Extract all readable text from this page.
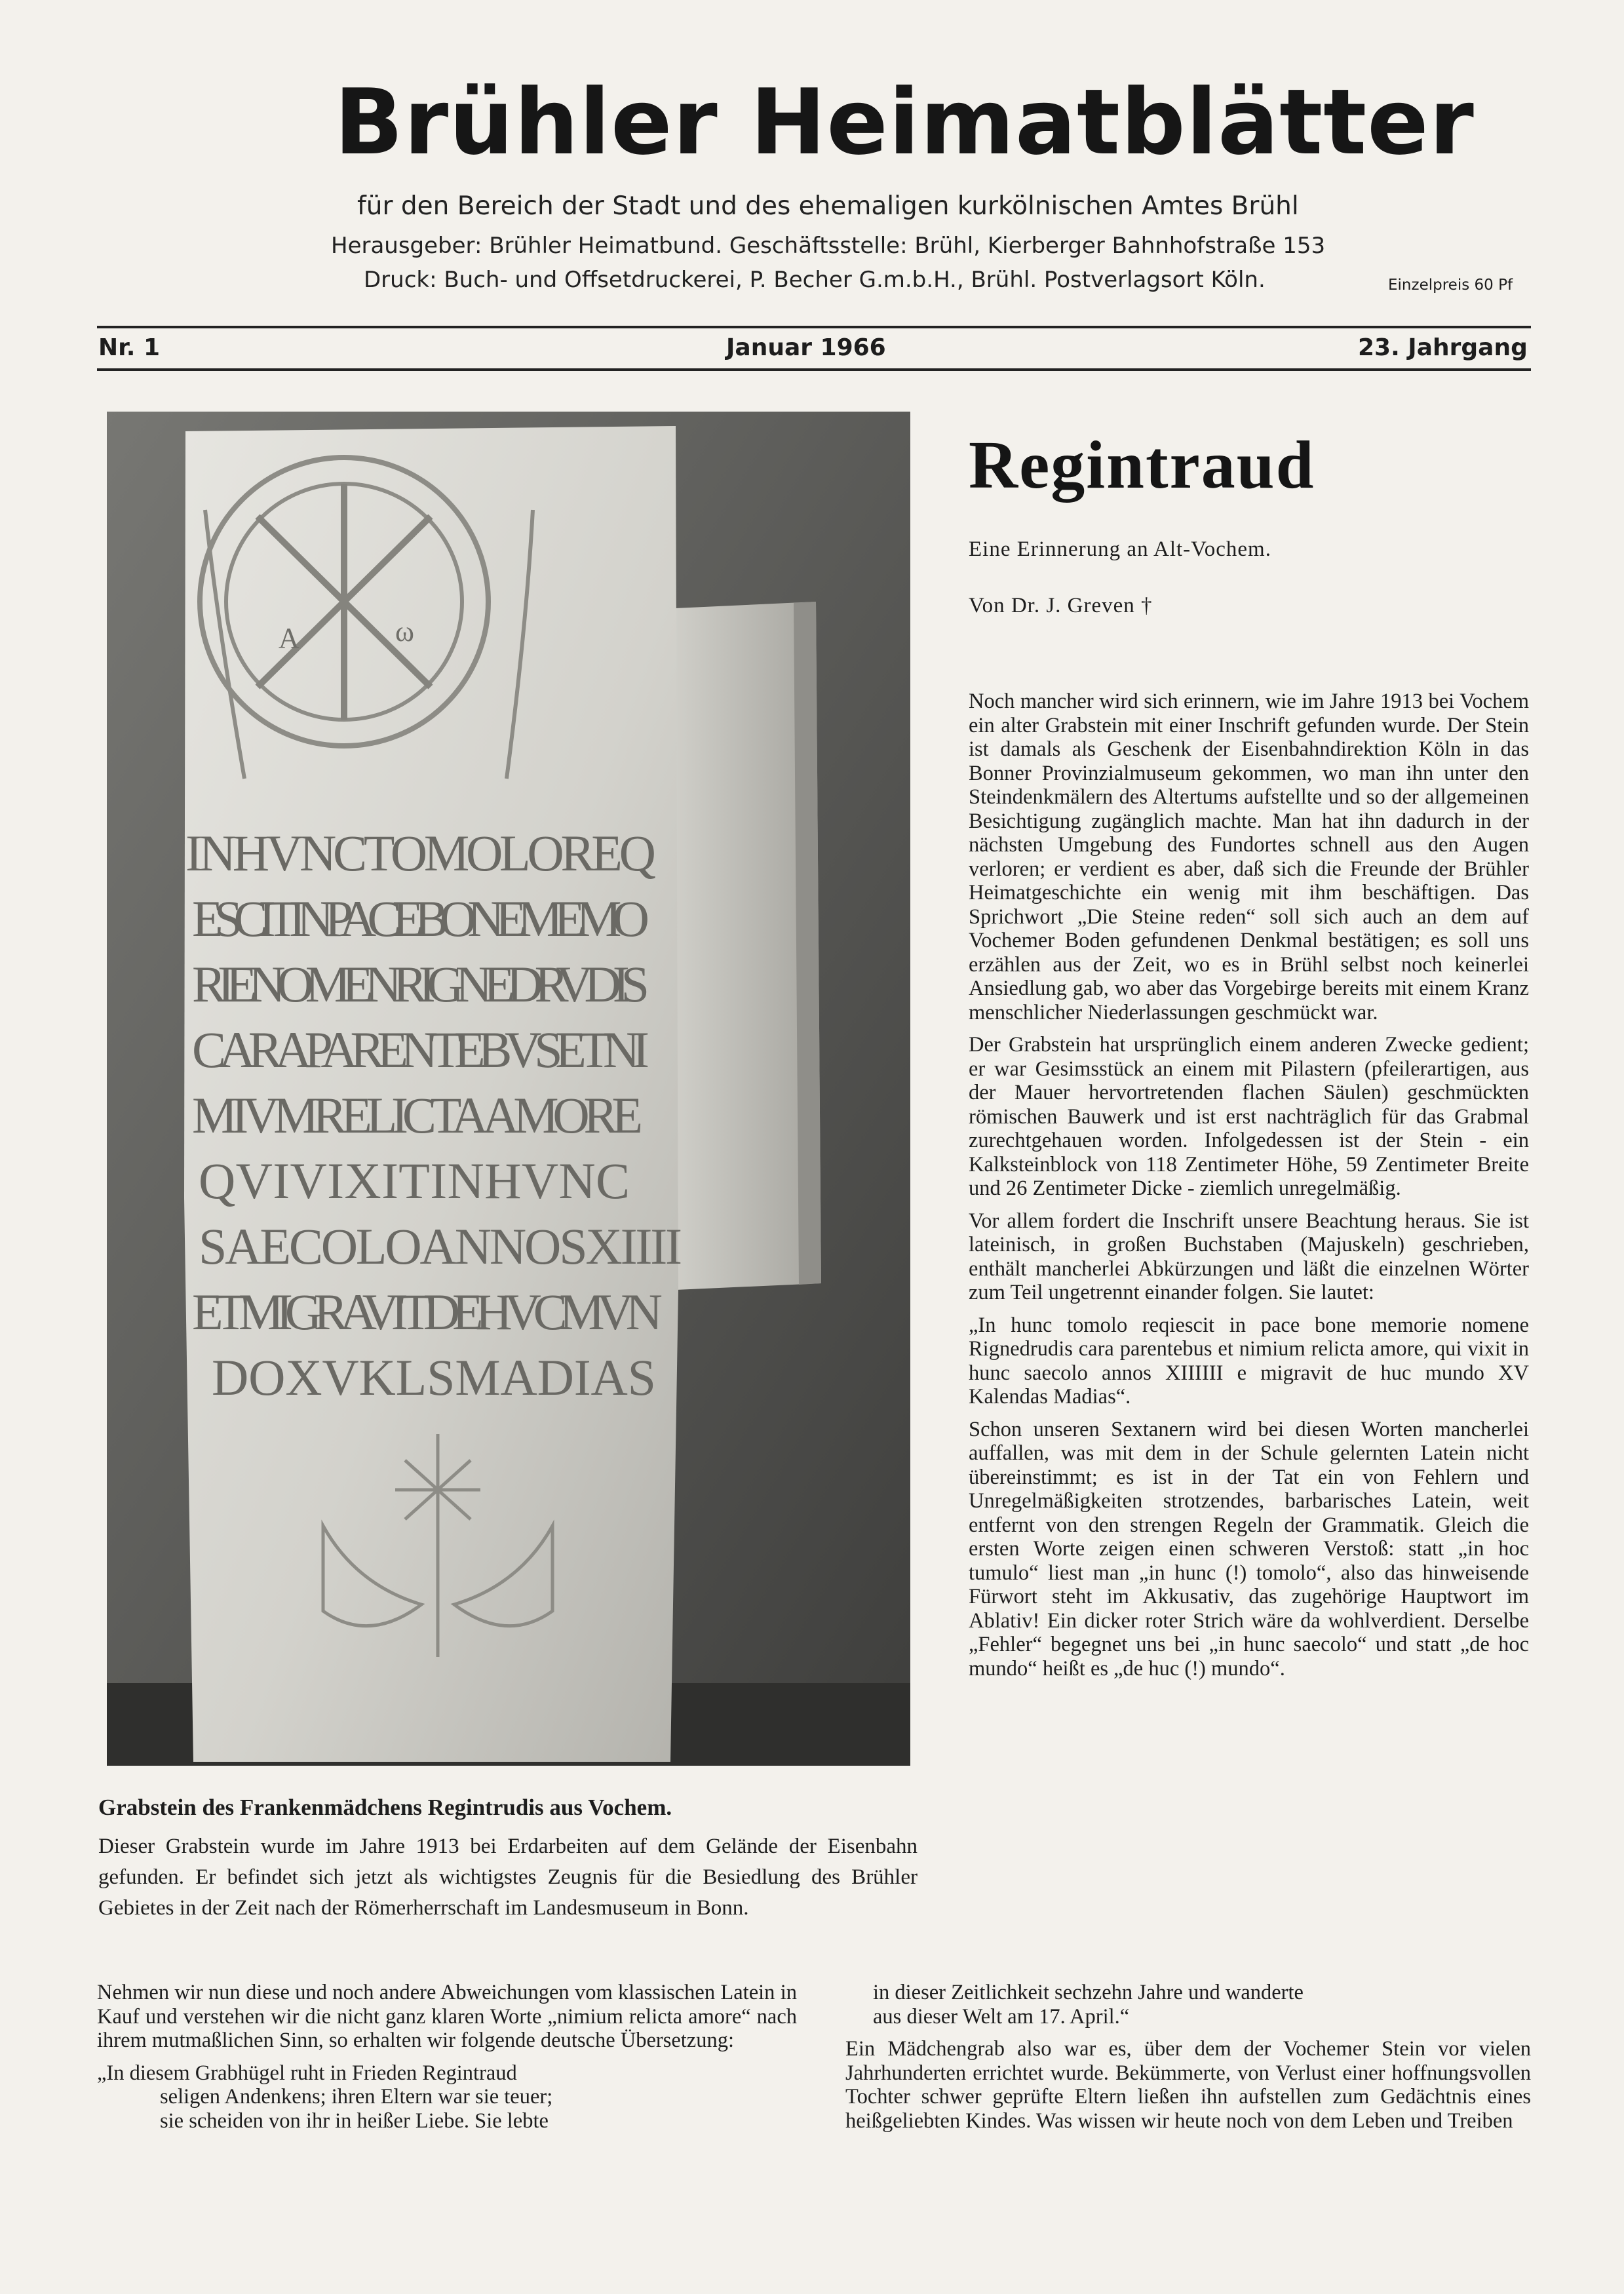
Brühler Heimatblätter
für den Bereich der Stadt und des ehemaligen kurkölnischen Amtes Brühl
Herausgeber: Brühler Heimatbund. Geschäftsstelle: Brühl, Kierberger Bahnhofstraße 153
Druck: Buch- und Offsetdruckerei, P. Becher G.m.b.H., Brühl. Postverlagsort Köln.	Einzelpreis 60 Pf
Nr. 1	Januar 1966	23. Jahrgang
A	ω
INHVNCTOMOLOREQ
ESCITINPACEBONEMEMO
RIENOMENRIGNEDRVDIS
CARAPARENTEBVSETNI
MIVMRELICTAAMORE
QVIVIXITINHVNC
SAECOLOANNOSXIIII
ETMIGRAVITDEHVCMVN
DOXVKLSMADIAS
Grabstein des Frankenmädchens Regintrudis aus Vochem.
Dieser Grabstein wurde im Jahre 1913 bei Erdarbeiten auf dem Gelände der Eisenbahn gefunden. Er befindet sich jetzt als wichtigstes Zeugnis für die Besiedlung des Brühler Gebietes in der Zeit nach der Römerherrschaft im Landesmuseum in Bonn.
Regintraud
Eine Erinnerung an Alt-Vochem.
Von Dr. J. Greven †

Noch mancher wird sich erinnern, wie im Jahre 1913 bei Vochem ein alter Grabstein mit einer Inschrift gefunden wurde. Der Stein ist damals als Geschenk der Eisenbahndirektion Köln in das Bonner Provinzialmuseum gekommen, wo man ihn unter den Steindenkmälern des Altertums aufstellte und so der allgemeinen Besichtigung zugänglich machte. Man hat ihn dadurch in der nächsten Umgebung des Fundortes schnell aus den Augen verloren; er verdient es aber, daß sich die Freunde der Brühler Heimatgeschichte ein wenig mit ihm beschäftigen. Das Sprichwort „Die Steine reden“ soll sich auch an dem auf Vochemer Boden gefundenen Denkmal bestätigen; es soll uns erzählen aus der Zeit, wo es in Brühl selbst noch keinerlei Ansiedlung gab, wo aber das Vorgebirge bereits mit einem Kranz menschlicher Niederlassungen geschmückt war.

Der Grabstein hat ursprünglich einem anderen Zwecke gedient; er war Gesimsstück an einem mit Pilastern (pfeilerartigen, aus der Mauer hervortretenden flachen Säulen) geschmückten römischen Bauwerk und ist erst nachträglich für das Grabmal zurechtgehauen worden. Infolgedessen ist der Stein - ein Kalksteinblock von 118 Zentimeter Höhe, 59 Zentimeter Breite und 26 Zentimeter Dicke - ziemlich unregelmäßig.

Vor allem fordert die Inschrift unsere Beachtung heraus. Sie ist lateinisch, in großen Buchstaben (Majuskeln) geschrieben, enthält mancherlei Abkürzungen und läßt die einzelnen Wörter zum Teil ungetrennt einander folgen. Sie lautet:

„In hunc tomolo reqiescit in pace bone memorie nomene Rignedrudis cara parentebus et nimium relicta amore, qui vixit in hunc saecolo annos XIIIIII e migravit de huc mundo XV Kalendas Madias“.

Schon unseren Sextanern wird bei diesen Worten mancherlei auffallen, was mit dem in der Schule gelernten Latein nicht übereinstimmt; es ist in der Tat ein von Fehlern und Unregelmäßigkeiten strotzendes, barbarisches Latein, weit entfernt von den strengen Regeln der Grammatik. Gleich die ersten Worte zeigen einen schweren Verstoß: statt „in hoc tumulo“ liest man „in hunc (!) tomolo“, also das hinweisende Fürwort steht im Akkusativ, das zugehörige Hauptwort im Ablativ! Ein dicker roter Strich wäre da wohlverdient. Derselbe „Fehler“ begegnet uns bei „in hunc saecolo“ und statt „de hoc mundo“ heißt es „de huc (!) mundo“.

Nehmen wir nun diese und noch andere Abweichungen vom klassischen Latein in Kauf und verstehen wir die nicht ganz klaren Worte „nimium relicta amore“ nach ihrem mutmaßlichen Sinn, so erhalten wir folgende deutsche Übersetzung:

„In diesem Grabhügel ruht in Frieden Regintraud
seligen Andenkens; ihren Eltern war sie teuer;
sie scheiden von ihr in heißer Liebe. Sie lebte

in dieser Zeitlichkeit sechzehn Jahre und wanderte
aus dieser Welt am 17. April.“

Ein Mädchengrab also war es, über dem der Vochemer Stein vor vielen Jahrhunderten errichtet wurde. Bekümmerte, von Verlust einer hoffnungsvollen Tochter schwer geprüfte Eltern ließen ihn aufstellen zum Gedächtnis eines heißgeliebten Kindes. Was wissen wir heute noch von dem Leben und Treiben
